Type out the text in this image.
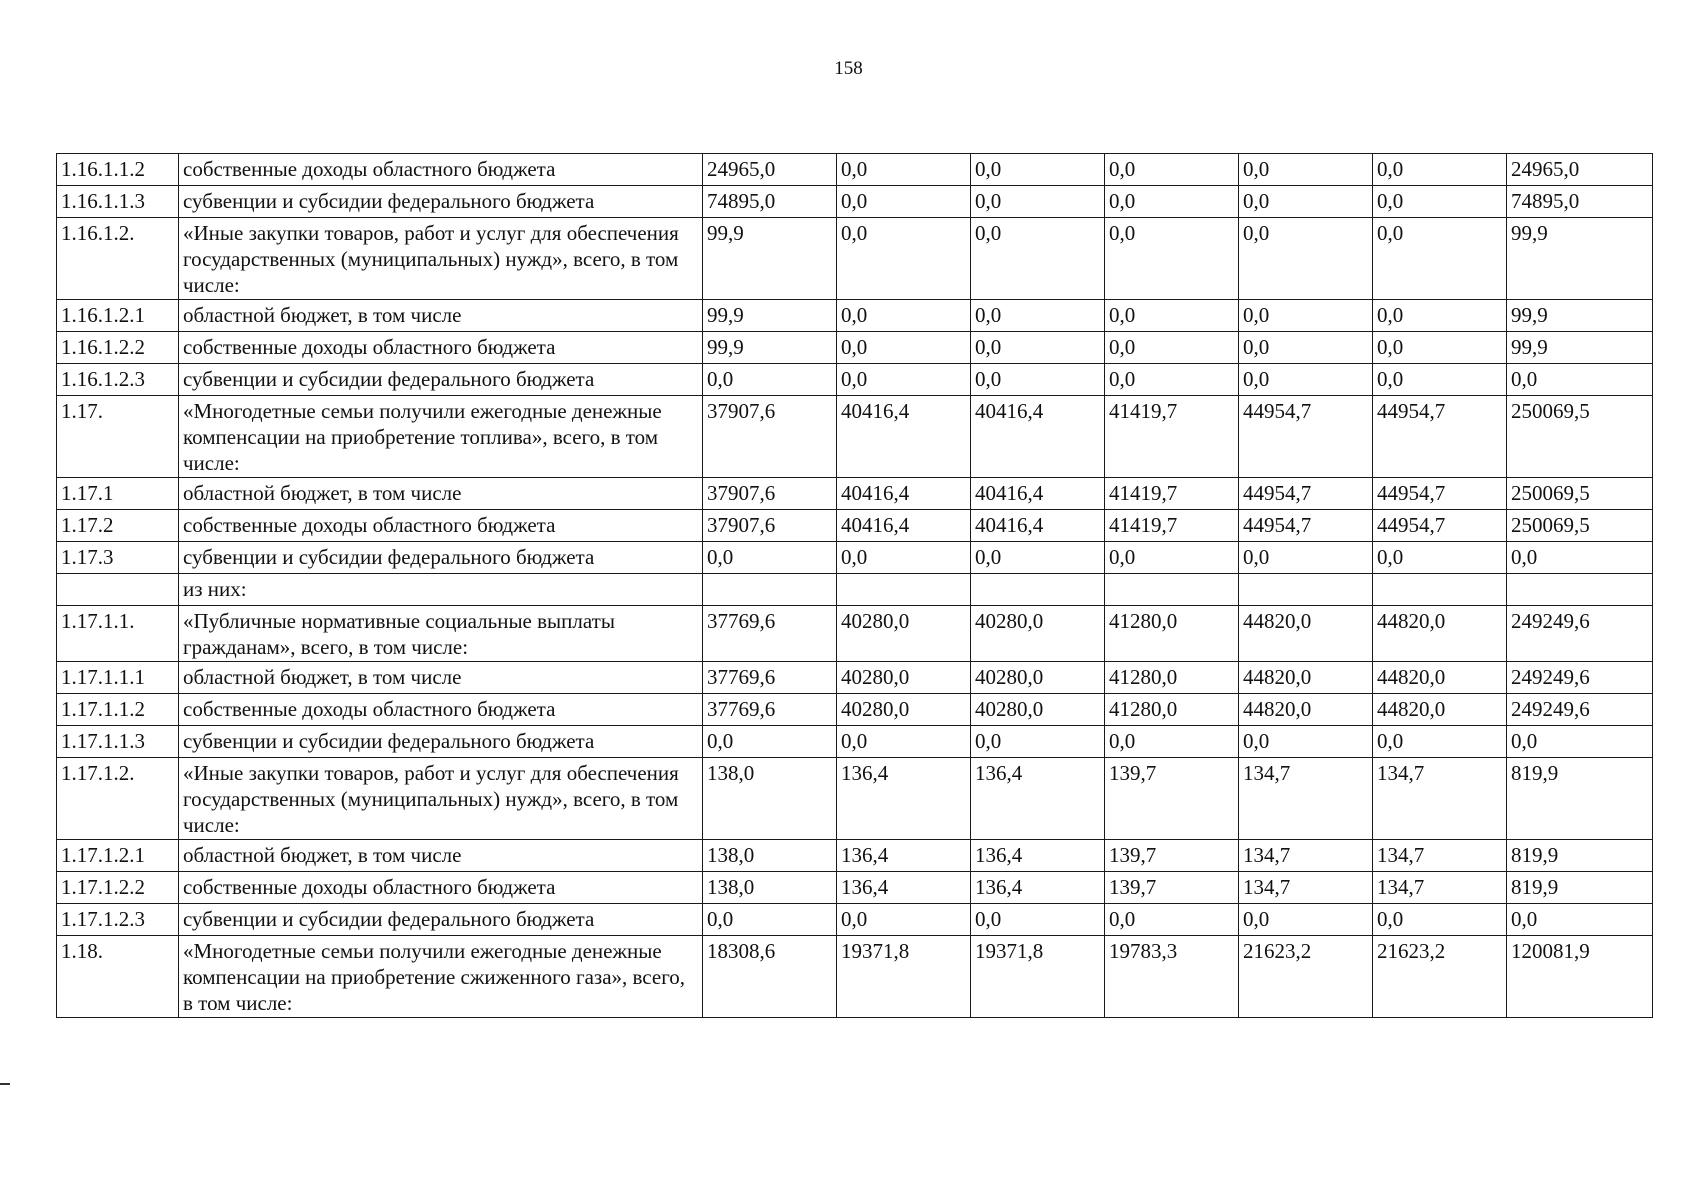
158
1.16.1.1.2	собственные доходы областного бюджета	24965,0	0,0	0,0	0,0	0,0	0,0	24965,0
1.16.1.1.3	субвенции и субсидии федерального бюджета	74895,0	0,0	0,0	0,0	0,0	0,0	74895,0
1.16.1.2.	«Иные закупки товаров, работ и услуг для обеспечения государственных (муниципальных) нужд», всего, в том числе:	99,9	0,0	0,0	0,0	0,0	0,0	99,9
1.16.1.2.1	областной бюджет, в том числе	99,9	0,0	0,0	0,0	0,0	0,0	99,9
1.16.1.2.2	собственные доходы областного бюджета	99,9	0,0	0,0	0,0	0,0	0,0	99,9
1.16.1.2.3	субвенции и субсидии федерального бюджета	0,0	0,0	0,0	0,0	0,0	0,0	0,0
1.17.	«Многодетные семьи получили ежегодные денежные компенсации на приобретение топлива», всего, в том числе:	37907,6	40416,4	40416,4	41419,7	44954,7	44954,7	250069,5
1.17.1	областной бюджет, в том числе	37907,6	40416,4	40416,4	41419,7	44954,7	44954,7	250069,5
1.17.2	собственные доходы областного бюджета	37907,6	40416,4	40416,4	41419,7	44954,7	44954,7	250069,5
1.17.3	субвенции и субсидии федерального бюджета	0,0	0,0	0,0	0,0	0,0	0,0	0,0
	из них:							
1.17.1.1.	«Публичные нормативные социальные выплаты гражданам», всего, в том числе:	37769,6	40280,0	40280,0	41280,0	44820,0	44820,0	249249,6
1.17.1.1.1	областной бюджет, в том числе	37769,6	40280,0	40280,0	41280,0	44820,0	44820,0	249249,6
1.17.1.1.2	собственные доходы областного бюджета	37769,6	40280,0	40280,0	41280,0	44820,0	44820,0	249249,6
1.17.1.1.3	субвенции и субсидии федерального бюджета	0,0	0,0	0,0	0,0	0,0	0,0	0,0
1.17.1.2.	«Иные закупки товаров, работ и услуг для обеспечения государственных (муниципальных) нужд», всего, в том числе:	138,0	136,4	136,4	139,7	134,7	134,7	819,9
1.17.1.2.1	областной бюджет, в том числе	138,0	136,4	136,4	139,7	134,7	134,7	819,9
1.17.1.2.2	собственные доходы областного бюджета	138,0	136,4	136,4	139,7	134,7	134,7	819,9
1.17.1.2.3	субвенции и субсидии федерального бюджета	0,0	0,0	0,0	0,0	0,0	0,0	0,0
1.18.	«Многодетные семьи получили ежегодные денежные компенсации на приобретение сжиженного газа», всего, в том числе:	18308,6	19371,8	19371,8	19783,3	21623,2	21623,2	120081,9
